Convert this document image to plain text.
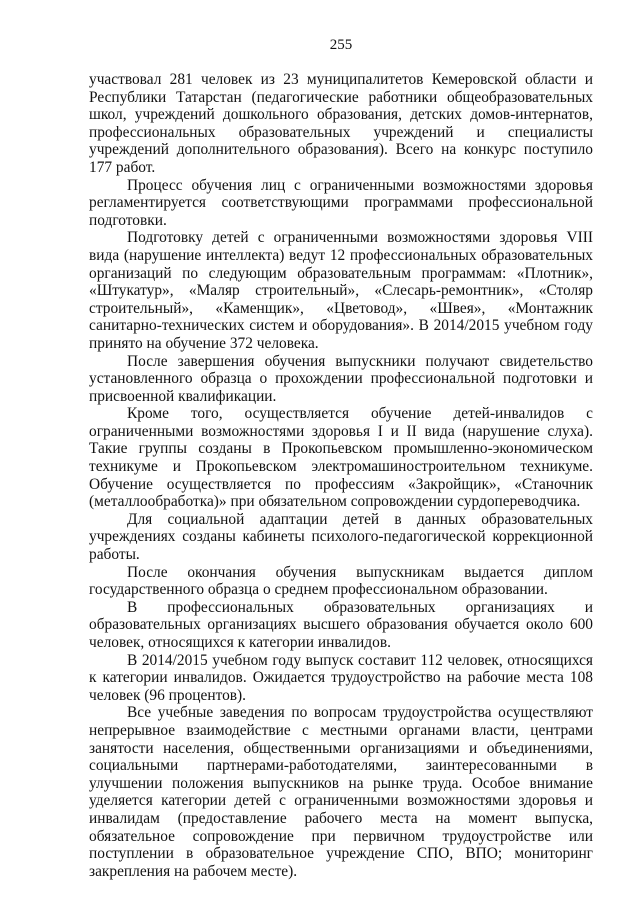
255

участвовал 281 человек из 23 муниципалитетов Кемеровской области и Республики Татарстан (педагогические работники общеобразовательных школ, учреждений дошкольного образования, детских домов-интернатов, профессиональных образовательных учреждений и специалисты учреждений дополнительного образования). Всего на конкурс поступило 177 работ.

Процесс обучения лиц с ограниченными возможностями здоровья регламентируется соответствующими программами профессиональной подготовки.

Подготовку детей с ограниченными возможностями здоровья VIII вида (нарушение интеллекта) ведут 12 профессиональных образовательных организаций по следующим образовательным программам: «Плотник», «Штукатур», «Маляр строительный», «Слесарь-ремонтник», «Столяр строительный», «Каменщик», «Цветовод», «Швея», «Монтажник санитарно-технических систем и оборудования». В 2014/2015 учебном году принято на обучение 372 человека.

После завершения обучения выпускники получают свидетельство установленного образца о прохождении профессиональной подготовки и присвоенной квалификации.

Кроме того, осуществляется обучение детей-инвалидов с ограниченными возможностями здоровья I и II вида (нарушение слуха). Такие группы созданы в Прокопьевском промышленно-экономическом техникуме и Прокопьевском электромашиностроительном техникуме. Обучение осуществляется по профессиям «Закройщик», «Станочник (металлообработка)» при обязательном сопровождении сурдопереводчика.

Для социальной адаптации детей в данных образовательных учреждениях созданы кабинеты психолого-педагогической коррекционной работы.

После окончания обучения выпускникам выдается диплом государственного образца о среднем профессиональном образовании.

В профессиональных образовательных организациях и образовательных организациях высшего образования обучается около 600 человек, относящихся к категории инвалидов.

В 2014/2015 учебном году выпуск составит 112 человек, относящихся к категории инвалидов. Ожидается трудоустройство на рабочие места 108 человек (96 процентов).

Все учебные заведения по вопросам трудоустройства осуществляют непрерывное взаимодействие с местными органами власти, центрами занятости населения, общественными организациями и объединениями, социальными партнерами-работодателями, заинтересованными в улучшении положения выпускников на рынке труда. Особое внимание уделяется категории детей с ограниченными возможностями здоровья и инвалидам (предоставление рабочего места на момент выпуска, обязательное сопровождение при первичном трудоустройстве или поступлении в образовательное учреждение СПО, ВПО; мониторинг закрепления на рабочем месте).
